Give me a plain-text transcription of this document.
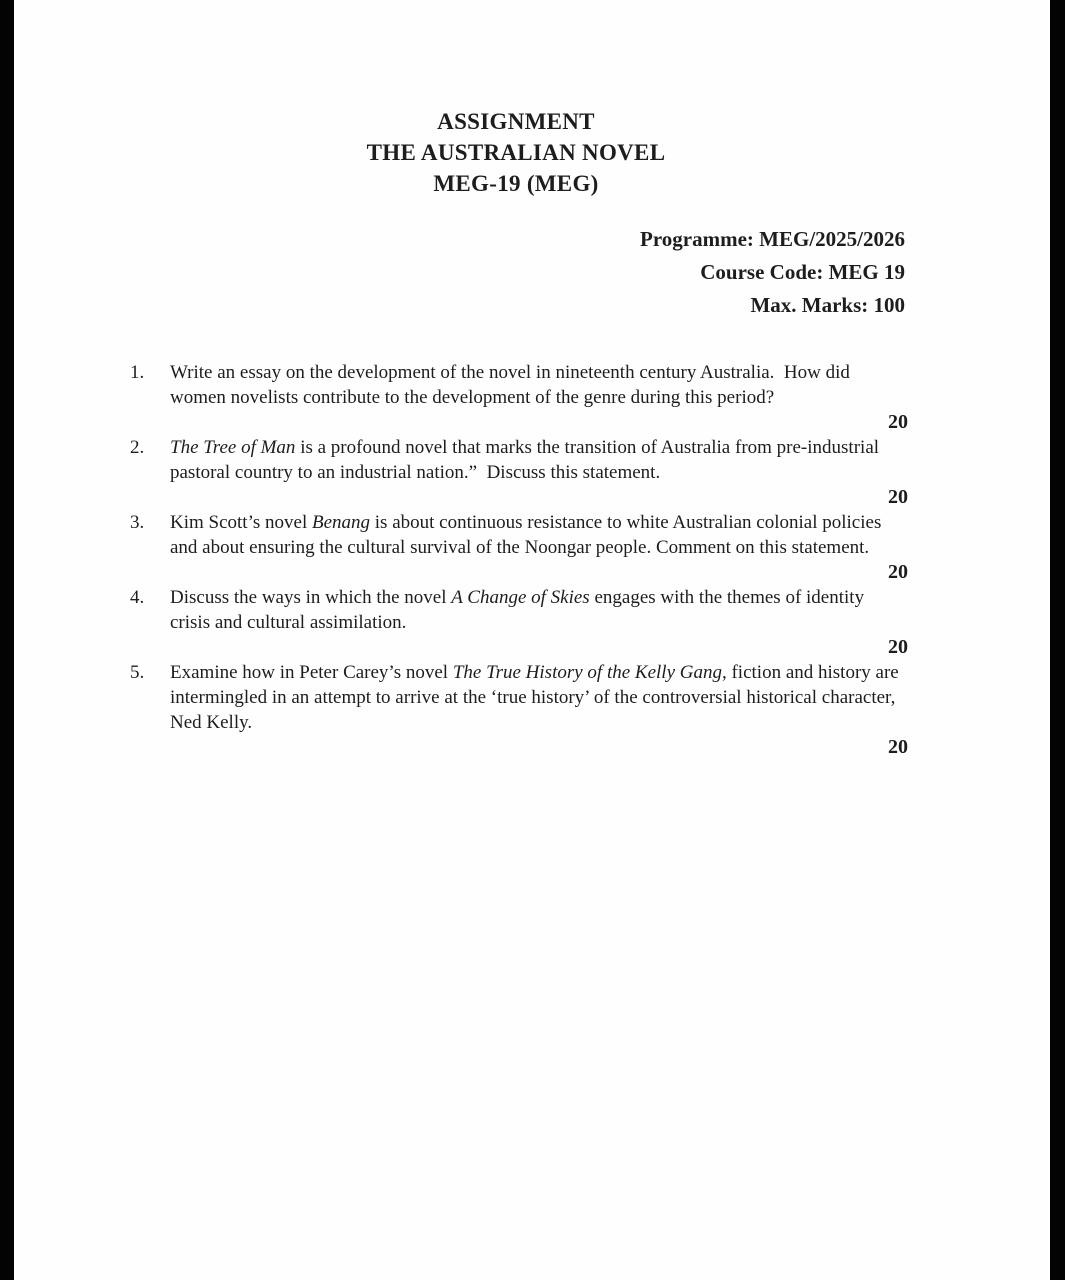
ASSIGNMENT
THE AUSTRALIAN NOVEL
MEG-19 (MEG)
Programme: MEG/2025/2026
Course Code: MEG 19
Max. Marks: 100
1.	Write an essay on the development of the novel in nineteenth century Australia.  How did women novelists contribute to the development of the genre during this period?

20
2.	The Tree of Man is a profound novel that marks the transition of Australia from pre-industrial pastoral country to an industrial nation.”  Discuss this statement.

20
3.	Kim Scott’s novel Benang is about continuous resistance to white Australian colonial policies and about ensuring the cultural survival of the Noongar people. Comment on this statement.

20
4.	Discuss the ways in which the novel A Change of Skies engages with the themes of identity crisis and cultural assimilation.

20
5.	Examine how in Peter Carey’s novel The True History of the Kelly Gang, fiction and history are intermingled in an attempt to arrive at the ‘true history’ of the controversial historical character, Ned Kelly.

20
